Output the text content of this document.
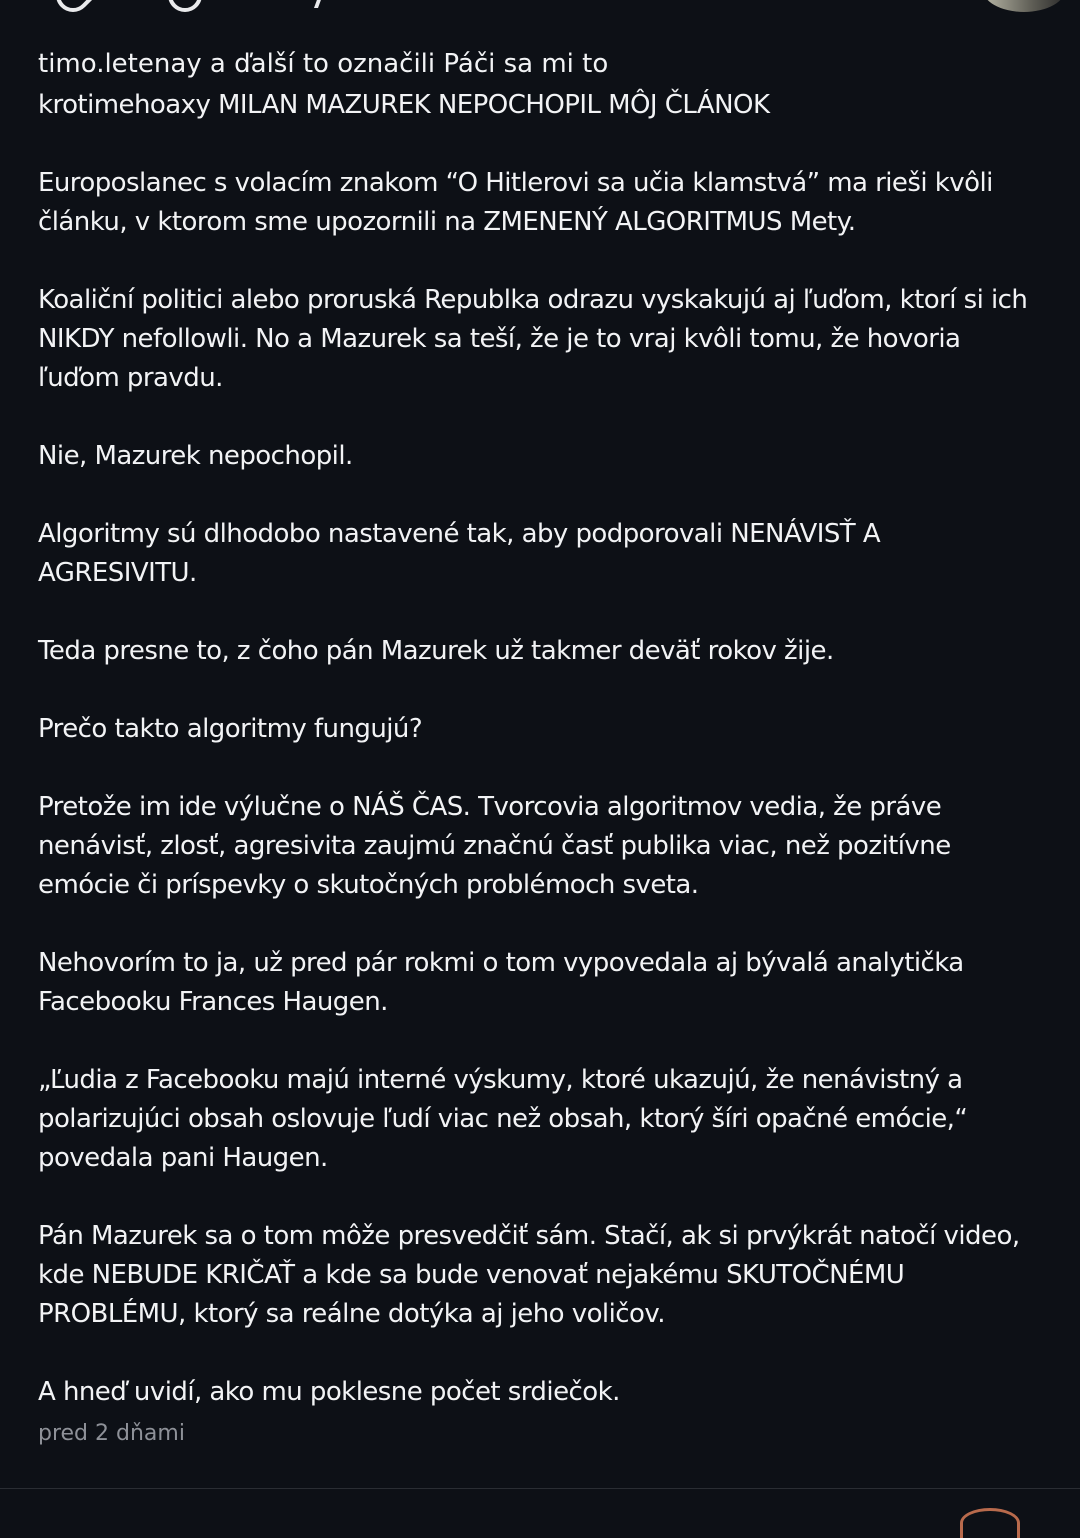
timo.letenay a ďalší to označili Páči sa mi to

krotimehoaxy MILAN MAZUREK NEPOCHOPIL MÔJ ČLÁNOK

Europoslanec s volacím znakom “O Hitlerovi sa učia klamstvá” ma rieši kvôli článku, v ktorom sme upozornili na ZMENENÝ ALGORITMUS Mety.

Koaliční politici alebo proruská Republka odrazu vyskakujú aj ľuďom, ktorí si ich NIKDY nefollowli. No a Mazurek sa teší, že je to vraj kvôli tomu, že hovoria ľuďom pravdu.

Nie, Mazurek nepochopil.

Algoritmy sú dlhodobo nastavené tak, aby podporovali NENÁVISŤ A AGRESIVITU.

Teda presne to, z čoho pán Mazurek už takmer deväť rokov žije.

Prečo takto algoritmy fungujú?

Pretože im ide výlučne o NÁŠ ČAS. Tvorcovia algoritmov vedia, že práve nenávisť, zlosť, agresivita zaujmú značnú časť publika viac, než pozitívne emócie či príspevky o skutočných problémoch sveta.

Nehovorím to ja, už pred pár rokmi o tom vypovedala aj bývalá analytička Facebooku Frances Haugen.

„Ľudia z Facebooku majú interné výskumy, ktoré ukazujú, že nenávistný a polarizujúci obsah oslovuje ľudí viac než obsah, ktorý šíri opačné emócie,“ povedala pani Haugen.

Pán Mazurek sa o tom môže presvedčiť sám. Stačí, ak si prvýkrát natočí video, kde NEBUDE KRIČAŤ a kde sa bude venovať nejakému SKUTOČNÉMU PROBLÉMU, ktorý sa reálne dotýka aj jeho voličov.

A hneď uvidí, ako mu poklesne počet srdiečok.

pred 2 dňami
